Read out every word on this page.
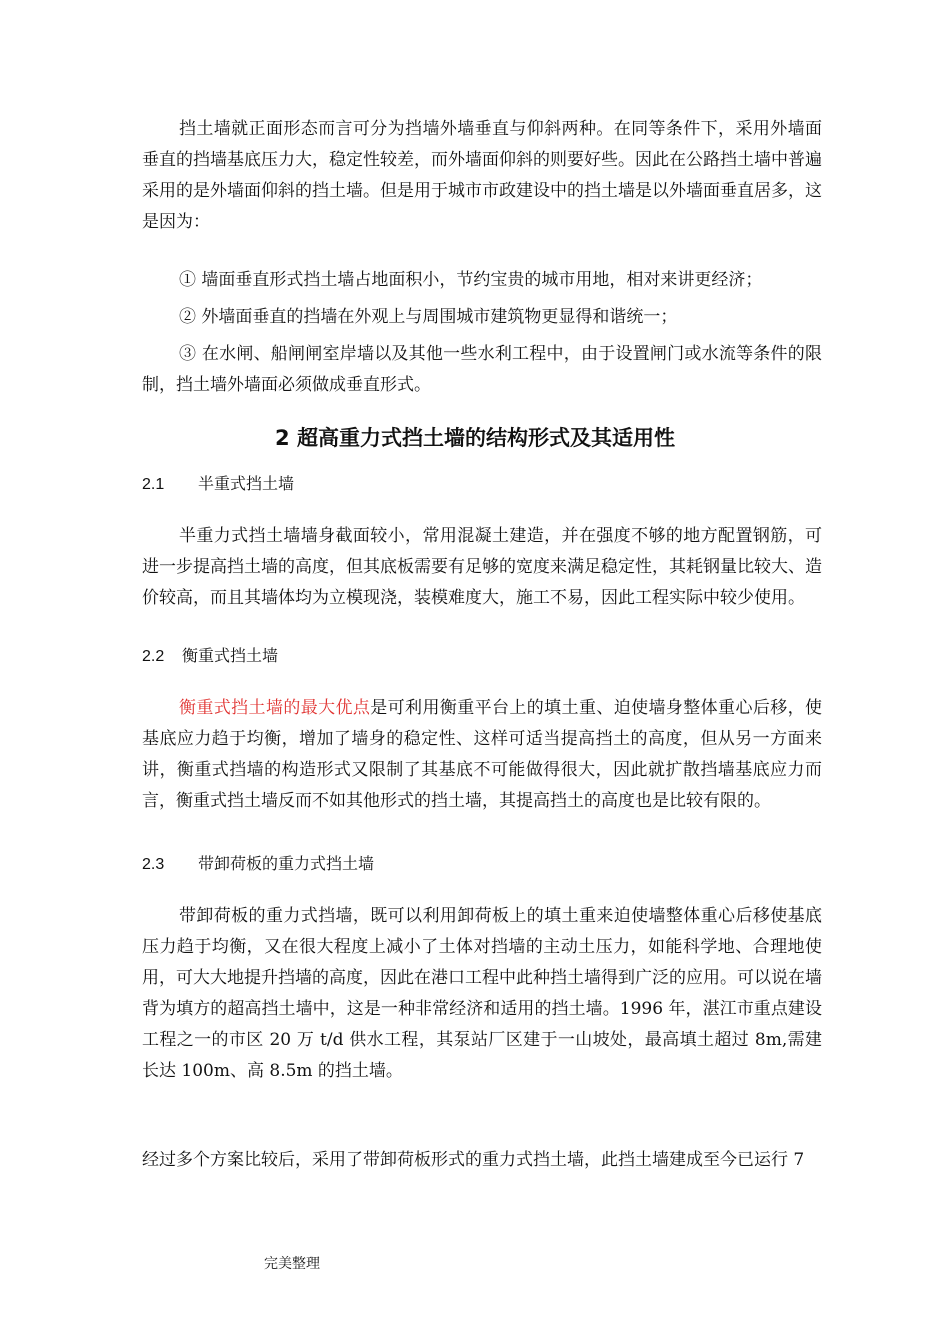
挡土墙就正面形态而言可分为挡墙外墙垂直与仰斜两种。在同等条件下，采用外墙面垂直的挡墙基底压力大，稳定性较差，而外墙面仰斜的则要好些。因此在公路挡土墙中普遍采用的是外墙面仰斜的挡土墙。但是用于城市市政建设中的挡土墙是以外墙面垂直居多，这是因为：

① 墙面垂直形式挡土墙占地面积小，节约宝贵的城市用地，相对来讲更经济；

② 外墙面垂直的挡墙在外观上与周围城市建筑物更显得和谐统一；

③ 在水闸、船闸闸室岸墙以及其他一些水利工程中，由于设置闸门或水流等条件的限制，挡土墙外墙面必须做成垂直形式。

2 超高重力式挡土墙的结构形式及其适用性
2.1 半重式挡土墙

半重力式挡土墙墙身截面较小，常用混凝土建造，并在强度不够的地方配置钢筋，可进一步提高挡土墙的高度，但其底板需要有足够的宽度来满足稳定性，其耗钢量比较大、造价较高，而且其墙体均为立模现浇，装模难度大，施工不易，因此工程实际中较少使用。

2.2 衡重式挡土墙

衡重式挡土墙的最大优点是可利用衡重平台上的填土重、迫使墙身整体重心后移，使基底应力趋于均衡，增加了墙身的稳定性、这样可适当提高挡土的高度，但从另一方面来讲，衡重式挡墙的构造形式又限制了其基底不可能做得很大，因此就扩散挡墙基底应力而言，衡重式挡土墙反而不如其他形式的挡土墙，其提高挡土的高度也是比较有限的。

2.3 带卸荷板的重力式挡土墙

带卸荷板的重力式挡墙，既可以利用卸荷板上的填土重来迫使墙整体重心后移使基底压力趋于均衡，又在很大程度上减小了土体对挡墙的主动土压力，如能科学地、合理地使用，可大大地提升挡墙的高度，因此在港口工程中此种挡土墙得到广泛的应用。可以说在墙背为填方的超高挡土墙中，这是一种非常经济和适用的挡土墙。1996 年，湛江市重点建设工程之一的市区 20 万 t/d 供水工程，其泵站厂区建于一山坡处，最高填土超过 8m,需建长达 100m、高 8.5m 的挡土墙。

经过多个方案比较后，采用了带卸荷板形式的重力式挡土墙，此挡土墙建成至今已运行 7

完美整理
